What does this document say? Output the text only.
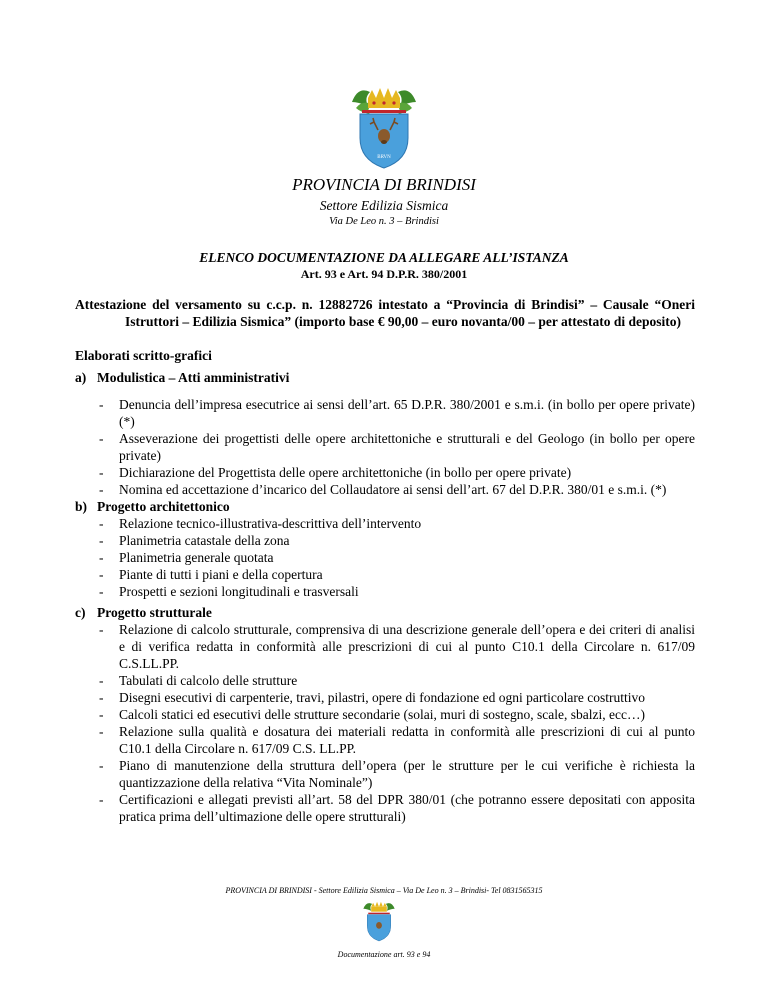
BRVN
PROVINCIA DI BRINDISI
Settore Edilizia Sismica
Via De Leo n. 3 – Brindisi
ELENCO DOCUMENTAZIONE DA ALLEGARE ALL’ISTANZA
Art. 93 e Art. 94 D.P.R. 380/2001
Attestazione del versamento su c.c.p. n. 12882726 intestato a “Provincia di Brindisi” – Causale “Oneri Istruttori – Edilizia Sismica” (importo base € 90,00 – euro novanta/00 – per attestato di deposito)
Elaborati scritto-grafici
a) Modulistica – Atti amministrativi
- Denuncia dell’impresa esecutrice ai sensi dell’art. 65 D.P.R. 380/2001 e s.m.i. (in bollo per opere private) (*)
- Asseverazione dei progettisti delle opere architettoniche e strutturali e del Geologo (in bollo per opere private)
- Dichiarazione del Progettista delle opere architettoniche (in bollo per opere private)
- Nomina ed accettazione d’incarico del Collaudatore ai sensi dell’art. 67 del D.P.R. 380/01 e s.m.i. (*)
b) Progetto architettonico
- Relazione tecnico-illustrativa-descrittiva dell’intervento
- Planimetria catastale della zona
- Planimetria generale quotata
- Piante di tutti i piani e della copertura
- Prospetti e sezioni longitudinali e trasversali
c) Progetto strutturale
- Relazione di calcolo strutturale, comprensiva di una descrizione generale dell’opera e dei criteri di analisi e di verifica redatta in conformità alle prescrizioni di cui al punto C10.1 della Circolare n. 617/09 C.S.LL.PP.
- Tabulati di calcolo delle strutture
- Disegni esecutivi di carpenterie, travi, pilastri, opere di fondazione ed ogni particolare costruttivo
- Calcoli statici ed esecutivi delle strutture secondarie (solai, muri di sostegno, scale, sbalzi, ecc…)
- Relazione sulla qualità e dosatura dei materiali redatta in conformità alle prescrizioni di cui al punto C10.1 della Circolare n. 617/09 C.S. LL.PP.
- Piano di manutenzione della struttura dell’opera (per le strutture per le cui verifiche è richiesta la quantizzazione della relativa “Vita Nominale”)
- Certificazioni e allegati previsti all’art. 58 del DPR 380/01 (che potranno essere depositati con apposita pratica prima dell’ultimazione delle opere strutturali)
PROVINCIA DI BRINDISI - Settore Edilizia Sismica – Via De Leo n. 3 – Brindisi- Tel 0831565315
Documentazione art. 93 e 94
